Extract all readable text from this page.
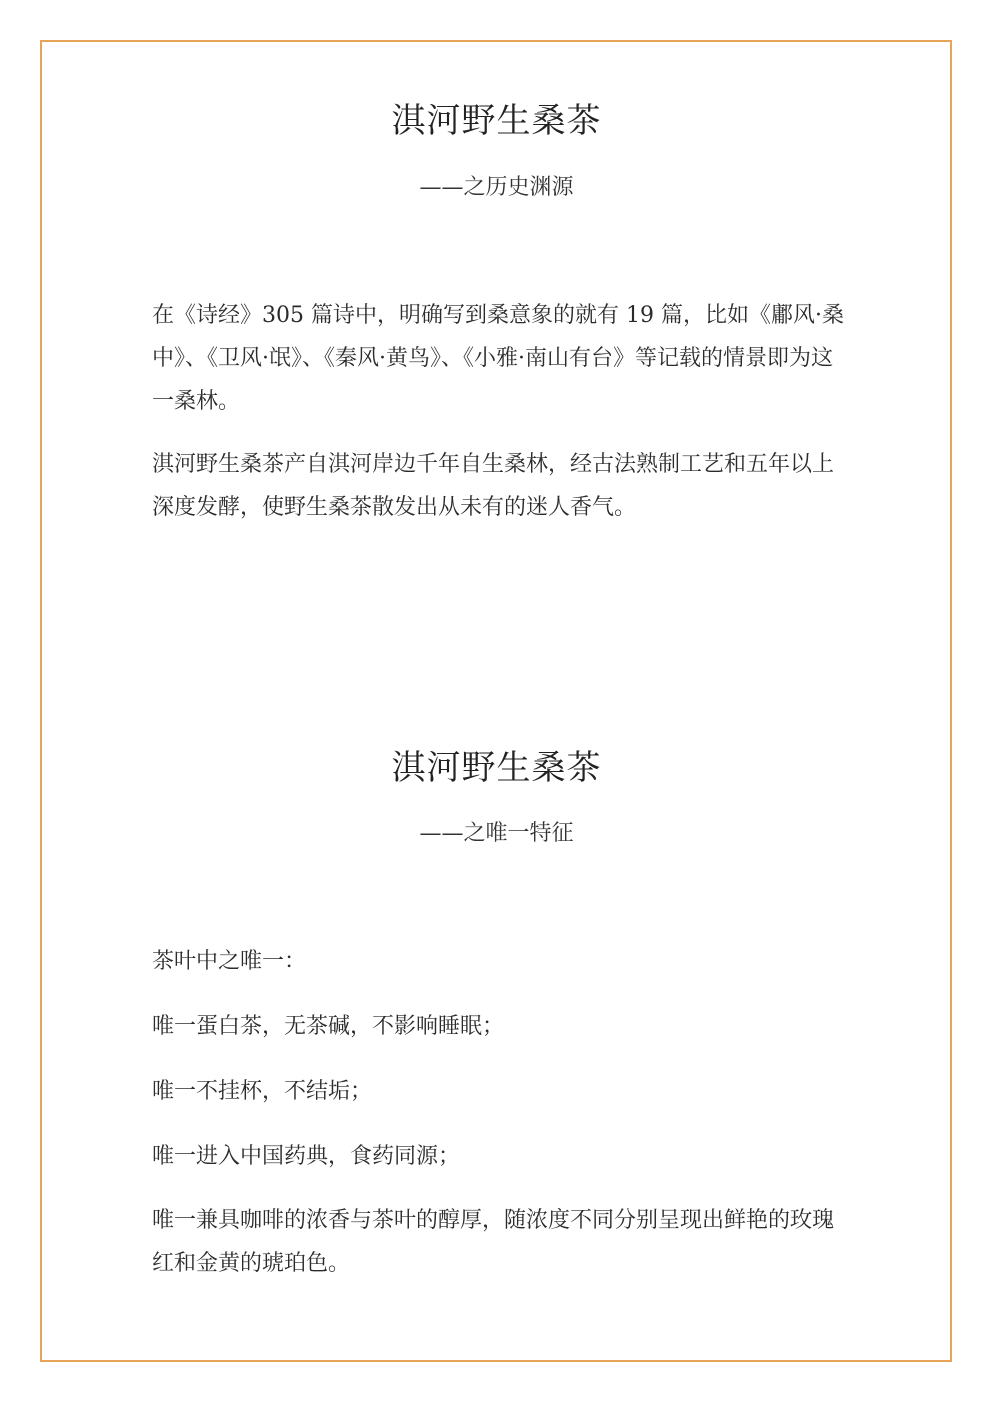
淇河野生桑茶
——之历史渊源

在《诗经》305 篇诗中，明确写到桑意象的就有 19 篇，比如《鄘风·桑中》、《卫风·氓》、《秦风·黄鸟》、《小雅·南山有台》等记载的情景即为这一桑林。

淇河野生桑茶产自淇河岸边千年自生桑林，经古法熟制工艺和五年以上深度发酵，使野生桑茶散发出从未有的迷人香气。

淇河野生桑茶
——之唯一特征

茶叶中之唯一：

唯一蛋白茶，无茶碱，不影响睡眠；

唯一不挂杯，不结垢；

唯一进入中国药典，食药同源；

唯一兼具咖啡的浓香与茶叶的醇厚，随浓度不同分别呈现出鲜艳的玫瑰红和金黄的琥珀色。
